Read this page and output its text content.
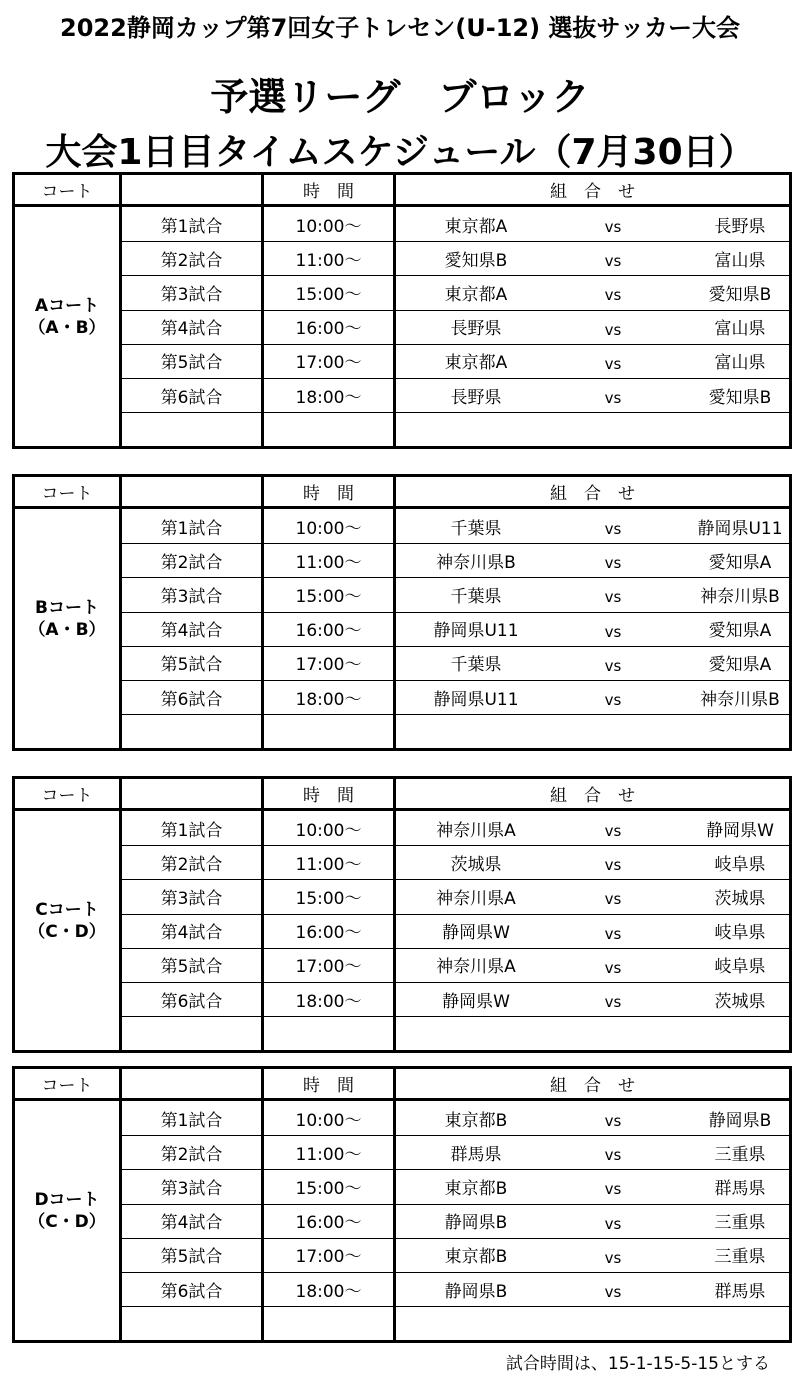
2022静岡カップ第7回女子トレセン(U-12) 選抜サッカー大会
予選リーグ　ブロック
大会1日目タイムスケジュール（7月30日）
コート	時　間	組　合　せ
Aコート
（A・B）
第1試合	10:00～	東京都A	vs	長野県
第2試合	11:00～	愛知県B	vs	富山県
第3試合	15:00～	東京都A	vs	愛知県B
第4試合	16:00～	長野県	vs	富山県
第5試合	17:00～	東京都A	vs	富山県
第6試合	18:00～	長野県	vs	愛知県B
コート	時　間	組　合　せ
Bコート
（A・B）
第1試合	10:00～	千葉県	vs	静岡県U11
第2試合	11:00～	神奈川県B	vs	愛知県A
第3試合	15:00～	千葉県	vs	神奈川県B
第4試合	16:00～	静岡県U11	vs	愛知県A
第5試合	17:00～	千葉県	vs	愛知県A
第6試合	18:00～	静岡県U11	vs	神奈川県B
コート	時　間	組　合　せ
Cコート
（C・D）
第1試合	10:00～	神奈川県A	vs	静岡県W
第2試合	11:00～	茨城県	vs	岐阜県
第3試合	15:00～	神奈川県A	vs	茨城県
第4試合	16:00～	静岡県W	vs	岐阜県
第5試合	17:00～	神奈川県A	vs	岐阜県
第6試合	18:00～	静岡県W	vs	茨城県
コート	時　間	組　合　せ
Dコート
（C・D）
第1試合	10:00～	東京都B	vs	静岡県B
第2試合	11:00～	群馬県	vs	三重県
第3試合	15:00～	東京都B	vs	群馬県
第4試合	16:00～	静岡県B	vs	三重県
第5試合	17:00～	東京都B	vs	三重県
第6試合	18:00～	静岡県B	vs	群馬県
試合時間は、15-1-15-5-15とする
